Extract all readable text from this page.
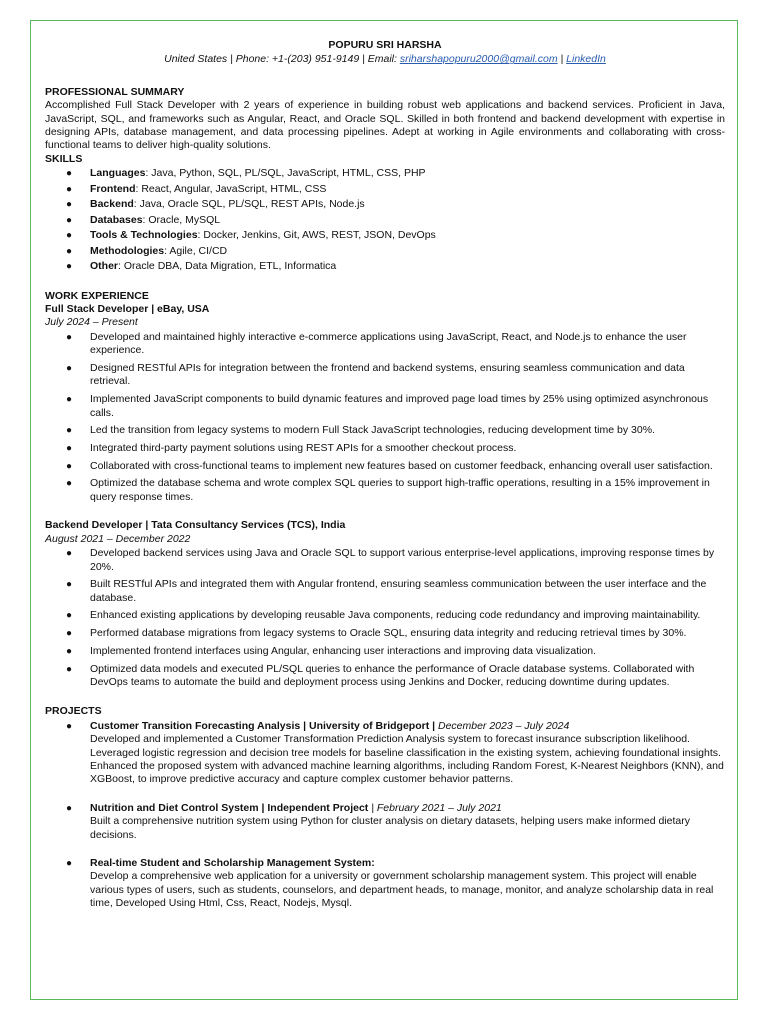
POPURU SRI HARSHA
United States | Phone: +1-(203) 951-9149 | Email: sriharshapopuru2000@gmail.com | LinkedIn
PROFESSIONAL SUMMARY
Accomplished Full Stack Developer with 2 years of experience in building robust web applications and backend services. Proficient in Java, JavaScript, SQL, and frameworks such as Angular, React, and Oracle SQL. Skilled in both frontend and backend development with expertise in designing APIs, database management, and data processing pipelines. Adept at working in Agile environments and collaborating with cross-functional teams to deliver high-quality solutions.
SKILLS
● Languages: Java, Python, SQL, PL/SQL, JavaScript, HTML, CSS, PHP
● Frontend: React, Angular, JavaScript, HTML, CSS
● Backend: Java, Oracle SQL, PL/SQL, REST APIs, Node.js
● Databases: Oracle, MySQL
● Tools & Technologies: Docker, Jenkins, Git, AWS, REST, JSON, DevOps
● Methodologies: Agile, CI/CD
● Other: Oracle DBA, Data Migration, ETL, Informatica
WORK EXPERIENCE
Full Stack Developer | eBay, USA
July 2024 – Present
● Developed and maintained highly interactive e-commerce applications using JavaScript, React, and Node.js to enhance the user experience.
● Designed RESTful APIs for integration between the frontend and backend systems, ensuring seamless communication and data retrieval.
● Implemented JavaScript components to build dynamic features and improved page load times by 25% using optimized asynchronous calls.
● Led the transition from legacy systems to modern Full Stack JavaScript technologies, reducing development time by 30%.
● Integrated third-party payment solutions using REST APIs for a smoother checkout process.
● Collaborated with cross-functional teams to implement new features based on customer feedback, enhancing overall user satisfaction.
● Optimized the database schema and wrote complex SQL queries to support high-traffic operations, resulting in a 15% improvement in query response times.
Backend Developer | Tata Consultancy Services (TCS), India
August 2021 – December 2022
● Developed backend services using Java and Oracle SQL to support various enterprise-level applications, improving response times by 20%.
● Built RESTful APIs and integrated them with Angular frontend, ensuring seamless communication between the user interface and the database.
● Enhanced existing applications by developing reusable Java components, reducing code redundancy and improving maintainability.
● Performed database migrations from legacy systems to Oracle SQL, ensuring data integrity and reducing retrieval times by 30%.
● Implemented frontend interfaces using Angular, enhancing user interactions and improving data visualization.
● Optimized data models and executed PL/SQL queries to enhance the performance of Oracle database systems. Collaborated with DevOps teams to automate the build and deployment process using Jenkins and Docker, reducing downtime during updates.
PROJECTS
● Customer Transition Forecasting Analysis | University of Bridgeport | December 2023 – July 2024
Developed and implemented a Customer Transformation Prediction Analysis system to forecast insurance subscription likelihood. Leveraged logistic regression and decision tree models for baseline classification in the existing system, achieving foundational insights. Enhanced the proposed system with advanced machine learning algorithms, including Random Forest, K-Nearest Neighbors (KNN), and XGBoost, to improve predictive accuracy and capture complex customer behavior patterns.
● Nutrition and Diet Control System | Independent Project | February 2021 – July 2021
Built a comprehensive nutrition system using Python for cluster analysis on dietary datasets, helping users make informed dietary decisions.
● Real-time Student and Scholarship Management System:
Develop a comprehensive web application for a university or government scholarship management system. This project will enable various types of users, such as students, counselors, and department heads, to manage, monitor, and analyze scholarship data in real time, Developed Using Html, Css, React, Nodejs, Mysql.
